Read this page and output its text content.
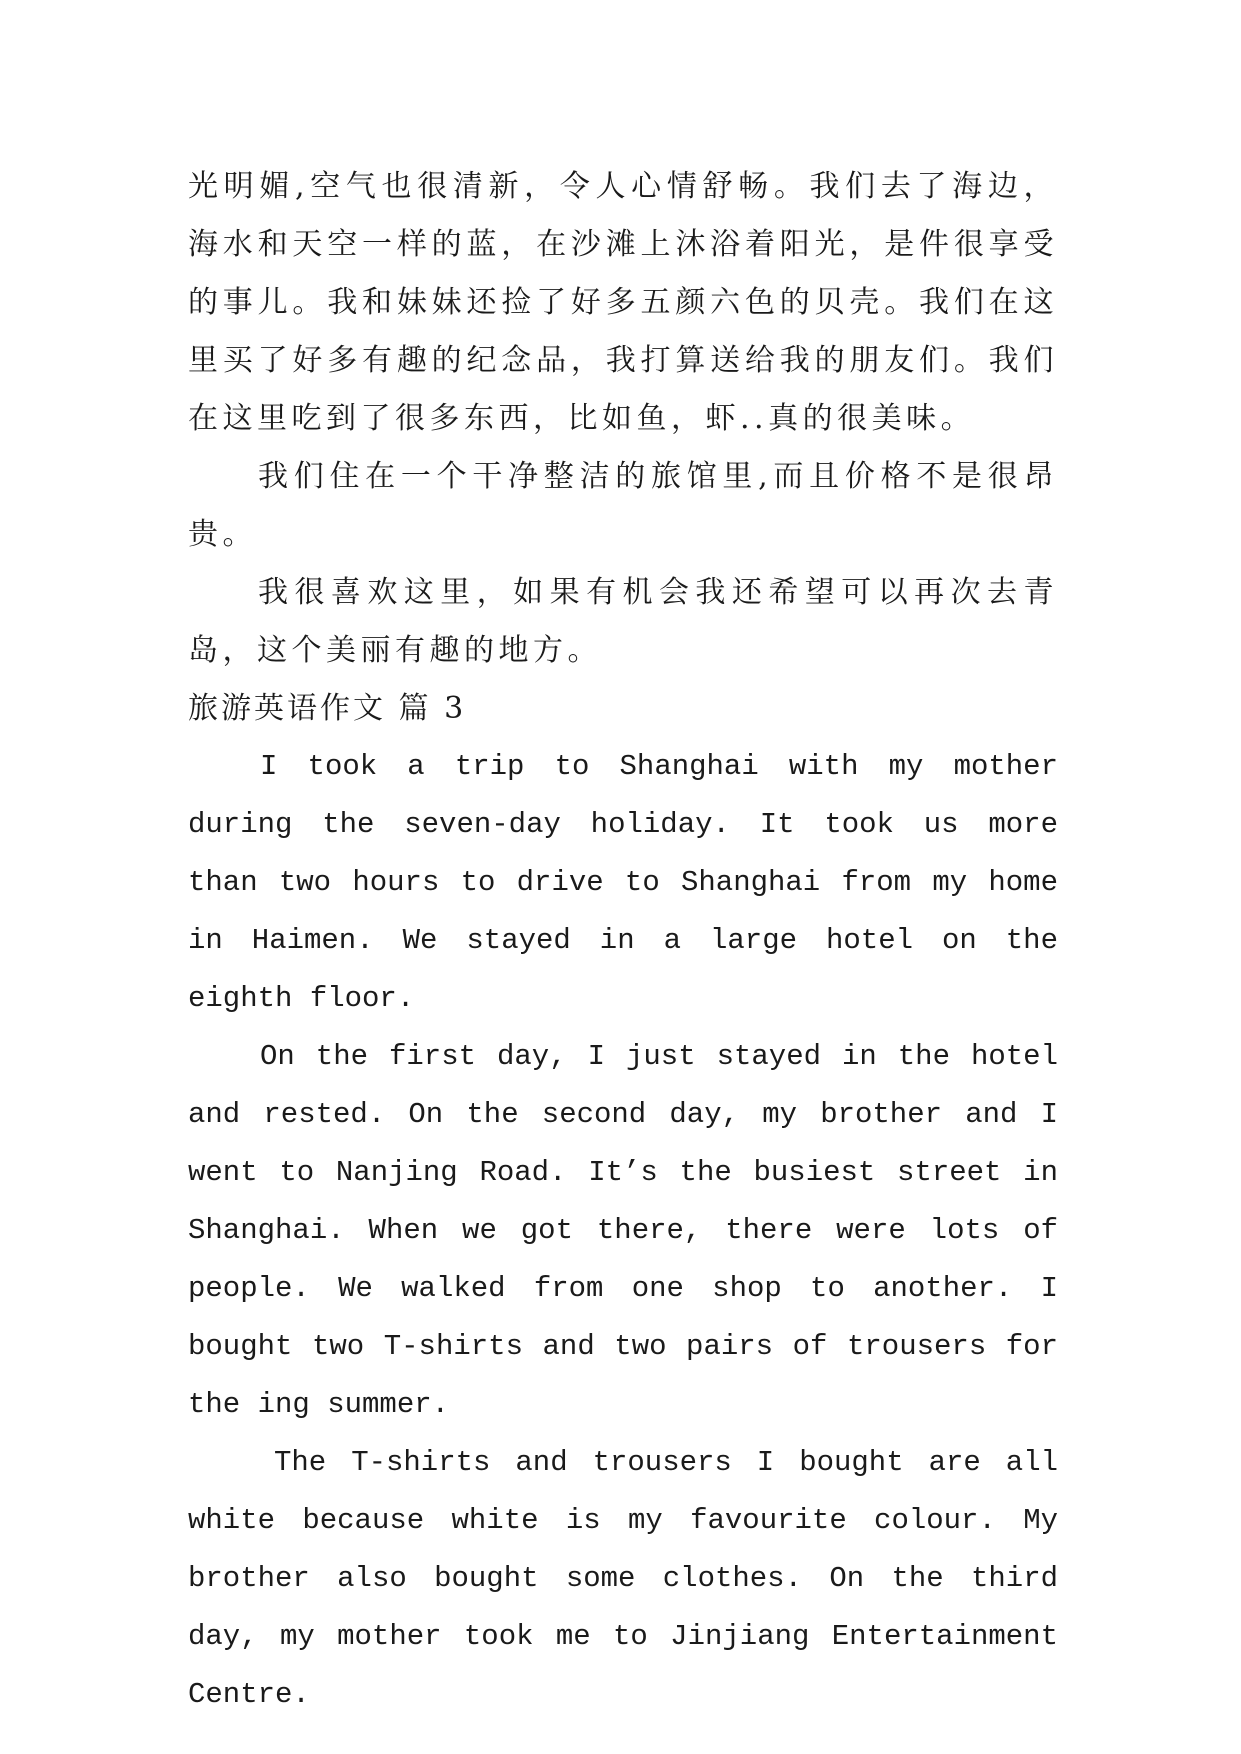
光明媚,空气也很清新，令人心情舒畅。我们去了海边，海水和天空一样的蓝，在沙滩上沐浴着阳光，是件很享受的事儿。我和妹妹还捡了好多五颜六色的贝壳。我们在这里买了好多有趣的纪念品，我打算送给我的朋友们。我们在这里吃到了很多东西，比如鱼，虾..真的很美味。

我们住在一个干净整洁的旅馆里,而且价格不是很昂贵。

我很喜欢这里，如果有机会我还希望可以再次去青岛，这个美丽有趣的地方。

旅游英语作文 篇 3

I took a trip to Shanghai with my mother during the seven-day holiday. It took us more than two hours to drive to Shanghai from my home in Haimen. We stayed in a large hotel on the eighth floor.

On the first day, I just stayed in the hotel and rested. On the second day, my brother and I went to Nanjing Road. It’s the busiest street in Shanghai. When we got there, there were lots of people. We walked from one shop to another. I bought two T-shirts and two pairs of trousers for the ing summer.

The T-shirts and trousers I bought are all white because white is my favourite colour. My brother also bought some clothes. On the third day, my mother took me to Jinjiang Entertainment Centre.
